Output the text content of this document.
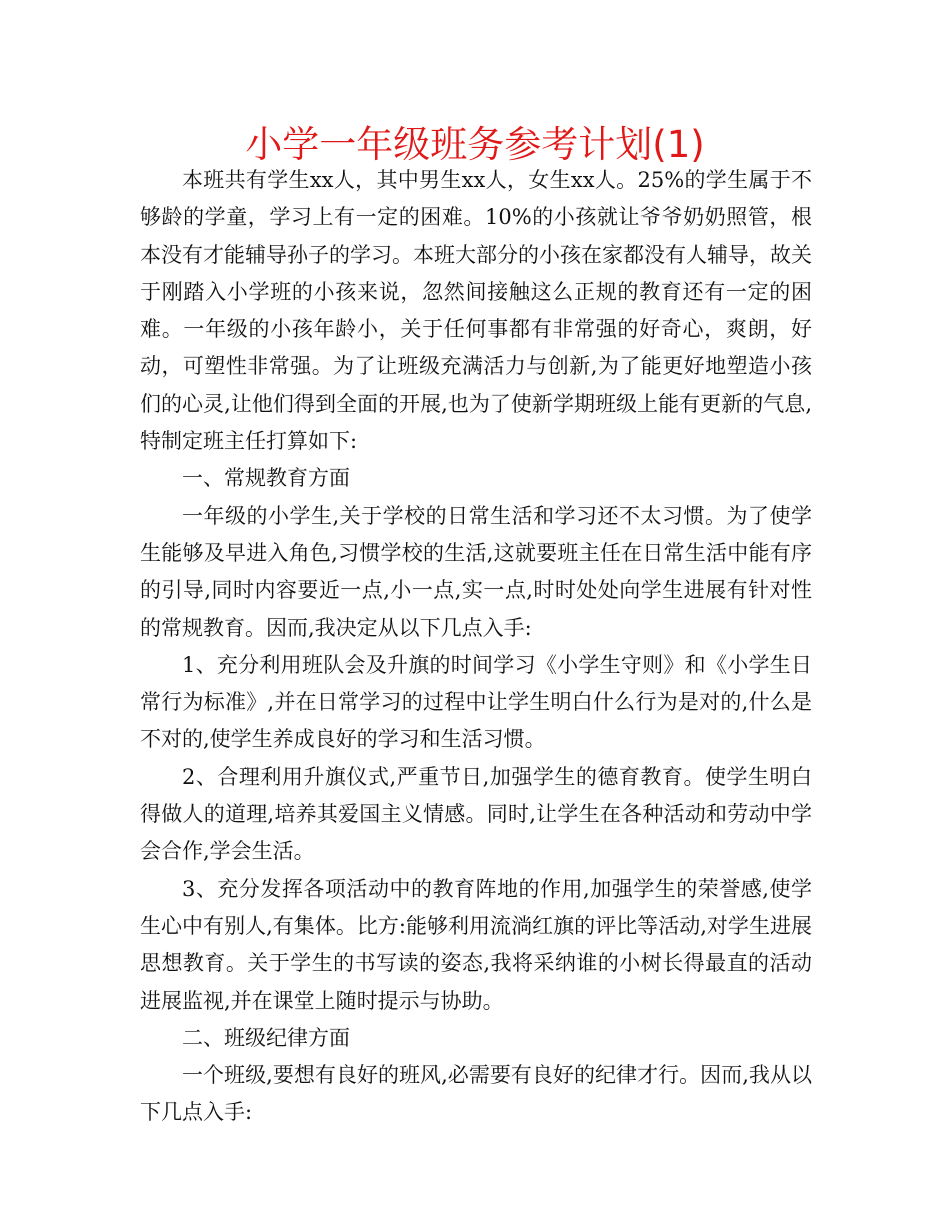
小学一年级班务参考计划(1)

本班共有学生xx人，其中男生xx人，女生xx人。25%的学生属于不够龄的学童，学习上有一定的困难。10%的小孩就让爷爷奶奶照管，根本没有才能辅导孙子的学习。本班大部分的小孩在家都没有人辅导，故关于刚踏入小学班的小孩来说，忽然间接触这么正规的教育还有一定的困难。一年级的小孩年龄小，关于任何事都有非常强的好奇心，爽朗，好动，可塑性非常强。为了让班级充满活力与创新,为了能更好地塑造小孩们的心灵,让他们得到全面的开展,也为了使新学期班级上能有更新的气息,特制定班主任打算如下:

一、常规教育方面

一年级的小学生,关于学校的日常生活和学习还不太习惯。为了使学生能够及早进入角色,习惯学校的生活,这就要班主任在日常生活中能有序的引导,同时内容要近一点,小一点,实一点,时时处处向学生进展有针对性的常规教育。因而,我决定从以下几点入手:

1、充分利用班队会及升旗的时间学习《小学生守则》和《小学生日常行为标准》,并在日常学习的过程中让学生明白什么行为是对的,什么是不对的,使学生养成良好的学习和生活习惯。

2、合理利用升旗仪式,严重节日,加强学生的德育教育。使学生明白得做人的道理,培养其爱国主义情感。同时,让学生在各种活动和劳动中学会合作,学会生活。

3、充分发挥各项活动中的教育阵地的作用,加强学生的荣誉感,使学生心中有别人,有集体。比方:能够利用流淌红旗的评比等活动,对学生进展思想教育。关于学生的书写读的姿态,我将采纳谁的小树长得最直的活动进展监视,并在课堂上随时提示与协助。

二、班级纪律方面

一个班级,要想有良好的班风,必需要有良好的纪律才行。因而,我从以下几点入手:
